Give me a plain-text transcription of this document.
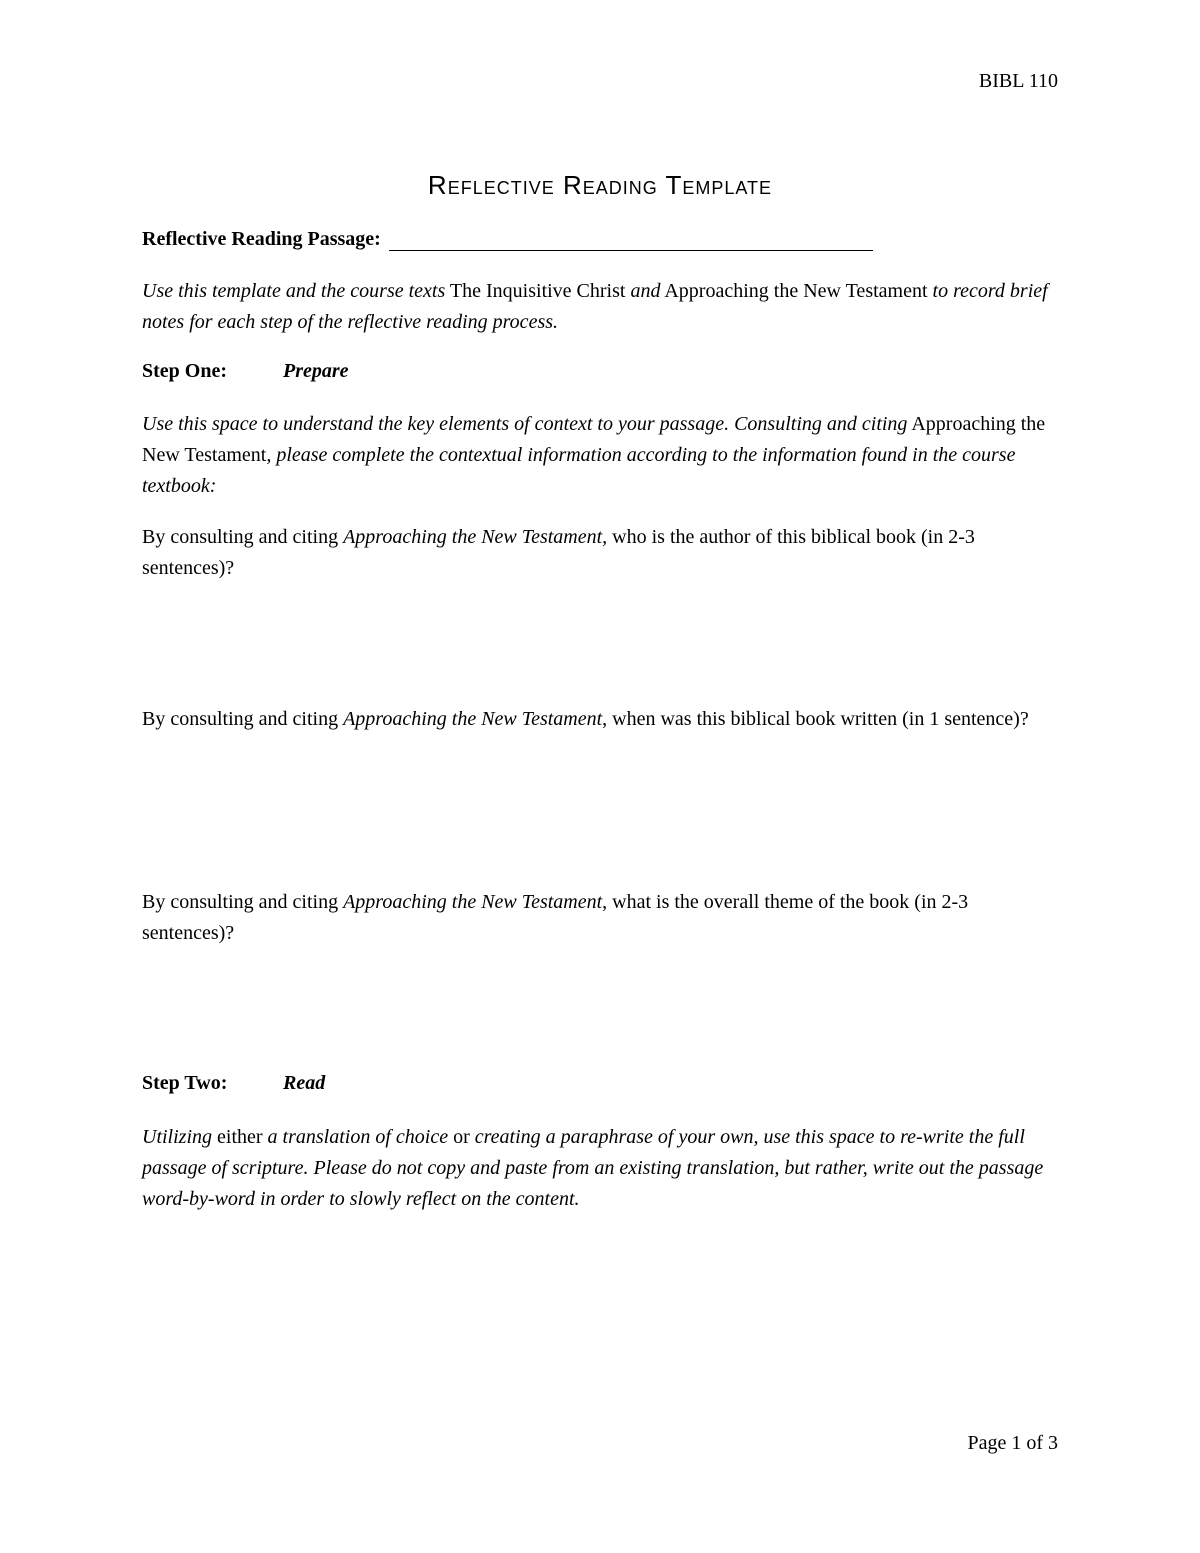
BIBL 110

Reflective Reading Template
Reflective Reading Passage:

Use this template and the course texts The Inquisitive Christ and Approaching the New Testament to record brief notes for each step of the reflective reading process.

Step One:	Prepare

Use this space to understand the key elements of context to your passage. Consulting and citing Approaching the New Testament, please complete the contextual information according to the information found in the course textbook:

By consulting and citing Approaching the New Testament, who is the author of this biblical book (in 2-3 sentences)?

By consulting and citing Approaching the New Testament, when was this biblical book written (in 1 sentence)?

By consulting and citing Approaching the New Testament, what is the overall theme of the book (in 2-3 sentences)?

Step Two:	Read

Utilizing either a translation of choice or creating a paraphrase of your own, use this space to re-write the full passage of scripture. Please do not copy and paste from an existing translation, but rather, write out the passage word-by-word in order to slowly reflect on the content.

Page 1 of 3
